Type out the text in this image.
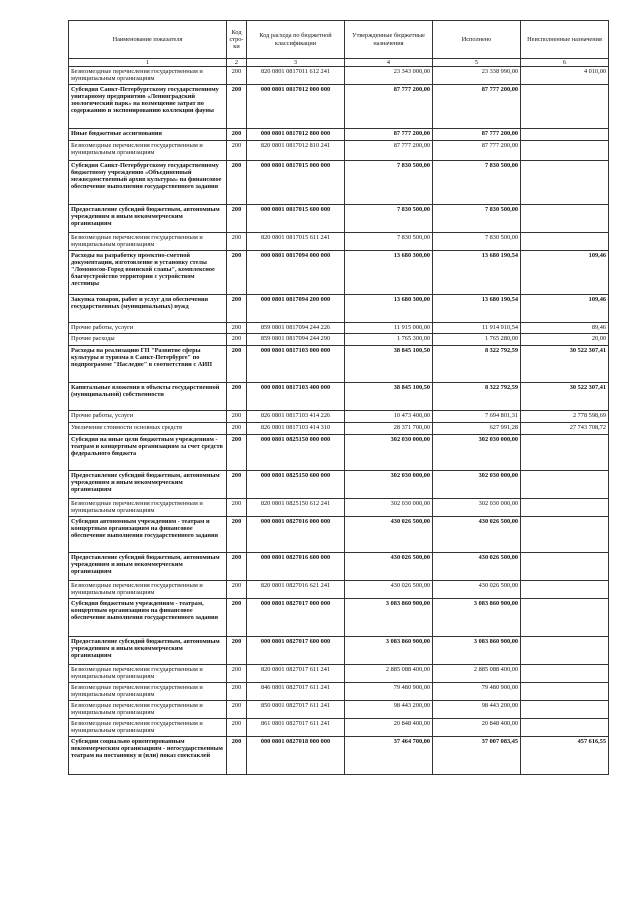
Наименование показателя	Код стро-ки	Код расхода по бюджетной классификации	Утвержденные бюджетные назначения	Исполнено	Неисполненные назначения
1	2	3	4	5	6
Безвозмездные перечисления государственным и муниципальным организациям	200	820 0801 0817011 612 241	23 343 000,00	23 338 990,00	4 010,00
Субсидия Санкт-Петербургскому государственному унитарному предприятию «Ленинградский зоологический парк» на возмещение затрат по содержанию и экспонированию коллекции фауны	200	000 0801 0817012 000 000	87 777 200,00	87 777 200,00	
Иные бюджетные ассигнования	200	000 0801 0817012 800 000	87 777 200,00	87 777 200,00	
Безвозмездные перечисления государственным и муниципальным организациям	200	820 0801 0817012 810 241	87 777 200,00	87 777 200,00	
Субсидия Санкт-Петербургскому государственному бюджетному учреждению «Объединенный межведомственный архив культуры» на финансовое обеспечение выполнения государственного задания	200	000 0801 0817015 000 000	7 830 500,00	7 830 500,00	
Предоставление субсидий бюджетным, автономным учреждениям и иным некоммерческим организациям	200	000 0801 0817015 600 000	7 830 500,00	7 830 500,00	
Безвозмездные перечисления государственным и муниципальным организациям	200	820 0801 0817015 611 241	7 830 500,00	7 830 500,00	
Расходы на разработку проектно-сметной документации, изготовление и установку стелы "Ломоносов-Город воинской славы", комплексное благоустройство территории с устройством лестницы	200	000 0801 0817094 000 000	13 680 300,00	13 680 190,54	109,46
Закупка товаров, работ и услуг для обеспечения государственных (муниципальных) нужд	200	000 0801 0817094 200 000	13 680 300,00	13 680 190,54	109,46
Прочие работы, услуги	200	859 0801 0817094 244 226	11 915 000,00	11 914 910,54	89,46
Прочие расходы	200	859 0801 0817094 244 290	1 765 300,00	1 765 280,00	20,00
Расходы на реализацию ГП "Развитие сферы культуры и туризма в Санкт-Петербурге" по подпрограмме "Наследие" в соответствии с АИП	200	000 0801 0817103 000 000	38 845 100,50	8 322 792,59	30 522 307,41
Капитальные вложения в объекты государственной (муниципальной) собственности	200	000 0801 0817103 400 000	38 845 100,50	8 322 792,59	30 522 307,41
Прочие работы, услуги	200	826 0801 0817103 414 226	10 473 400,00	7 694 801,31	2 778 598,69
Увеличение стоимости основных средств	200	826 0801 0817103 414 310	28 371 700,00	627 991,28	27 743 708,72
Субсидия на иные цели бюджетным учреждениям - театрам и концертным организациям за счет средств федерального бюджета	200	000 0801 0825150 000 000	302 030 000,00	302 030 000,00	
Предоставление субсидий бюджетным, автономным учреждениям и иным некоммерческим организациям	200	000 0801 0825150 600 000	302 030 000,00	302 030 000,00	
Безвозмездные перечисления государственным и муниципальным организациям	200	820 0801 0825150 612 241	302 030 000,00	302 030 000,00	
Субсидия автономным учреждениям - театрам и концертным организациям на финансовое обеспечение выполнения государственного задания	200	000 0801 0827016 000 000	430 026 500,00	430 026 500,00	
Предоставление субсидий бюджетным, автономным учреждениям и иным некоммерческим организациям	200	000 0801 0827016 600 000	430 026 500,00	430 026 500,00	
Безвозмездные перечисления государственным и муниципальным организациям	200	820 0801 0827016 621 241	430 026 500,00	430 026 500,00	
Субсидия бюджетным учреждениям - театрам, концертным организациям на финансовое обеспечение выполнения государственного задания	200	000 0801 0827017 000 000	3 083 860 900,00	3 083 860 900,00	
Предоставление субсидий бюджетным, автономным учреждениям и иным некоммерческим организациям	200	000 0801 0827017 600 000	3 083 860 900,00	3 083 860 900,00	
Безвозмездные перечисления государственным и муниципальным организациям	200	820 0801 0827017 611 241	2 885 088 400,00	2 885 088 400,00	
Безвозмездные перечисления государственным и муниципальным организациям	200	846 0801 0827017 611 241	79 480 900,00	79 480 900,00	
Безвозмездные перечисления государственным и муниципальным организациям	200	850 0801 0827017 611 241	98 443 200,00	98 443 200,00	
Безвозмездные перечисления государственным и муниципальным организациям	200	861 0801 0827017 611 241	20 848 400,00	20 848 400,00	
Субсидии социально ориентированным некоммерческим организациям - негосударственным театрам на постановку и (или) показ спектаклей	200	000 0801 0827018 000 000	37 464 700,00	37 007 083,45	457 616,55
